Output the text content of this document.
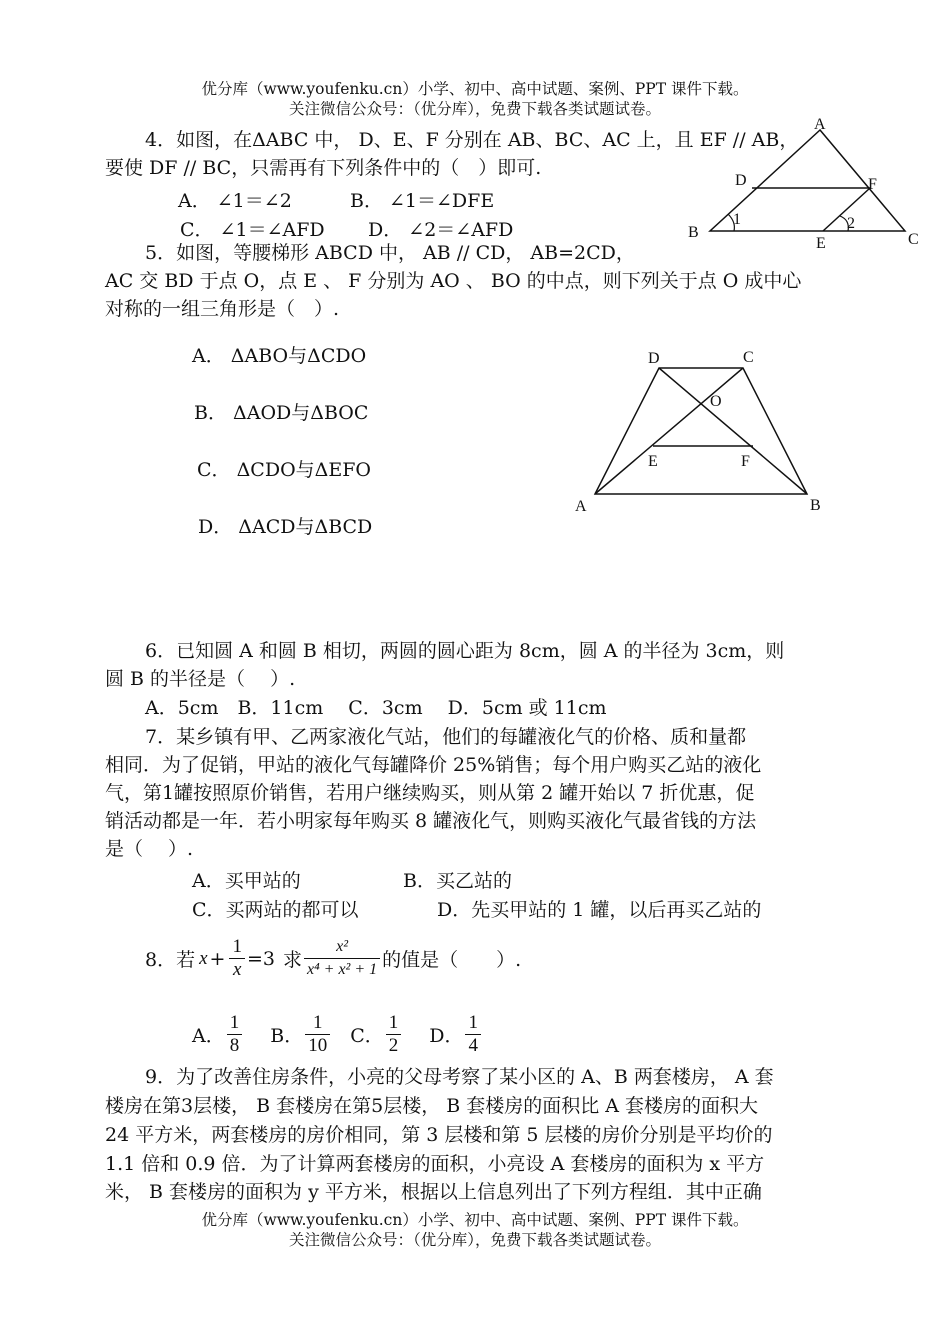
优分库（www.youfenku.cn）小学、初中、高中试题、案例、PPT 课件下载。
关注微信公众号：（优分库），免费下载各类试题试卷。
4．如图，在ΔABC 中， D、E、F 分别在 AB、BC、AC 上，且 EF // AB，
要使 DF // BC，只需再有下列条件中的（　）即可.
A． ∠1＝∠2	B． ∠1＝∠DFE
C． ∠1＝∠AFD D． ∠2＝∠AFD
A
B	C
D
E
F
1	2
5．如图，等腰梯形 ABCD 中， AB // CD， AB=2CD，
AC 交 BD 于点 O，点 E 、 F 分别为 AO 、 BO 的中点，则下列关于点 O 成中心
对称的一组三角形是（　）.
A． ΔABO与ΔCDO
B． ΔAOD与ΔBOC
C． ΔCDO与ΔEFO
D． ΔACD与ΔBCD
D	C
O
E	F
A	B
6．已知圆 A 和圆 B 相切，两圆的圆心距为 8cm，圆 A 的半径为 3cm，则
圆 B 的半径是（　 ）.
A．5cm　B．11cm　 C．3cm　 D．5cm 或 11cm
7．某乡镇有甲、乙两家液化气站，他们的每罐液化气的价格、质和量都
相同．为了促销，甲站的液化气每罐降价 25%销售；每个用户购买乙站的液化
气，第1罐按照原价销售，若用户继续购买，则从第 2 罐开始以 7 折优惠，促
销活动都是一年．若小明家每年购买 8 罐液化气，则购买液化气最省钱的方法
是（　 ）.
A．买甲站的	B．买乙站的
C．买两站的都可以	D．先买甲站的 1 罐，以后再买乙站的
8．若 $x + \frac{1}{x} =3$ 求 $\frac{\text{x²}}{\text{x⁴ + x² + 1}}$ 的值是（　　）.
A． $\frac{1}{8}$ B． $\frac{1}{10}$ C． $\frac{1}{2}$ D． $\frac{1}{4}$
9．为了改善住房条件，小亮的父母考察了某小区的 A、B 两套楼房， A 套
楼房在第3层楼， B 套楼房在第5层楼， B 套楼房的面积比 A 套楼房的面积大
24 平方米，两套楼房的房价相同，第 3 层楼和第 5 层楼的房价分别是平均价的
1.1 倍和 0.9 倍．为了计算两套楼房的面积，小亮设 A 套楼房的面积为 x 平方
米， B 套楼房的面积为 y 平方米，根据以上信息列出了下列方程组．其中正确
优分库（www.youfenku.cn）小学、初中、高中试题、案例、PPT 课件下载。
关注微信公众号：（优分库），免费下载各类试题试卷。
